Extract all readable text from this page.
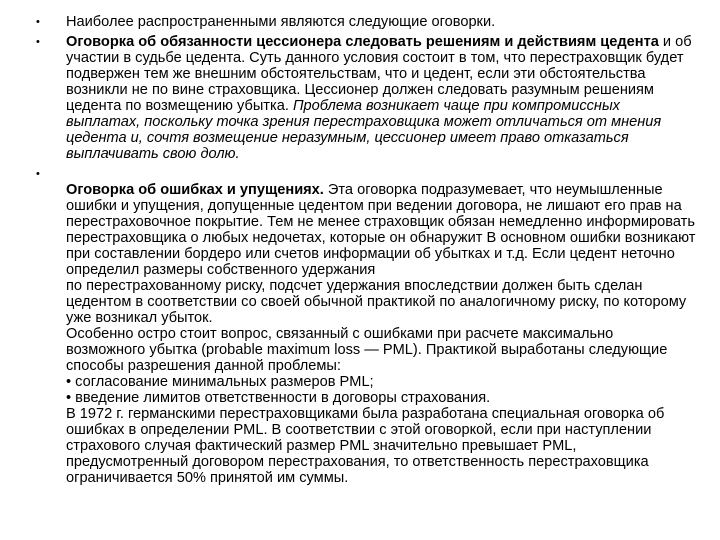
•	Наиболее распространенными являются следующие оговорки.
•	Оговорка об обязанности цессионера следовать решениям и действиям цедента и об участии в судьбе цедента. Суть данного условия состоит в том, что перестраховщик будет подвержен тем же внешним обстоятельствам, что и цедент, если эти обстоятельства возникли не по вине страховщика. Цессионер должен следовать разумным решениям цедента по возмещению убытка. Проблема возникает чаще при компромиссных выплатах, поскольку точка зрения перестраховщика может отличаться от мнения цедента и, сочтя возмещение неразумным, цессионер имеет право отказаться выплачивать свою долю.
•
Оговорка об ошибках и упущениях. Эта оговорка подразумевает, что неумышленные ошибки и упущения, допущенные цедентом при ведении договора, не лишают его прав на перестраховочное покрытие. Тем не менее страховщик обязан немедленно информировать перестраховщика о любых недочетах, которые он обнаружит В основном ошибки возникают при составлении бордеро или счетов информации об убытках и т.д. Если цедент неточно определил размеры собственного удержания
по перестрахованному риску, подсчет удержания впоследствии должен быть сделан цедентом в соответствии со своей обычной практикой по аналогичному риску, по которому уже возникал убыток.
Особенно остро стоит вопрос, связанный с ошибками при расчете максимально возможного убытка (probable maximum loss — PML). Практикой выработаны следующие способы разрешения данной проблемы:
• согласование минимальных размеров PML;
• введение лимитов ответственности в договоры страхования.
В 1972 г. германскими перестраховщиками была разработана специальная оговорка об ошибках в определении PML. В соответствии с этой оговоркой, если при наступлении страхового случая фактический размер PML значительно превышает PML, предусмотренный договором перестрахования, то ответственность перестраховщика ограничивается 50% принятой им суммы.
